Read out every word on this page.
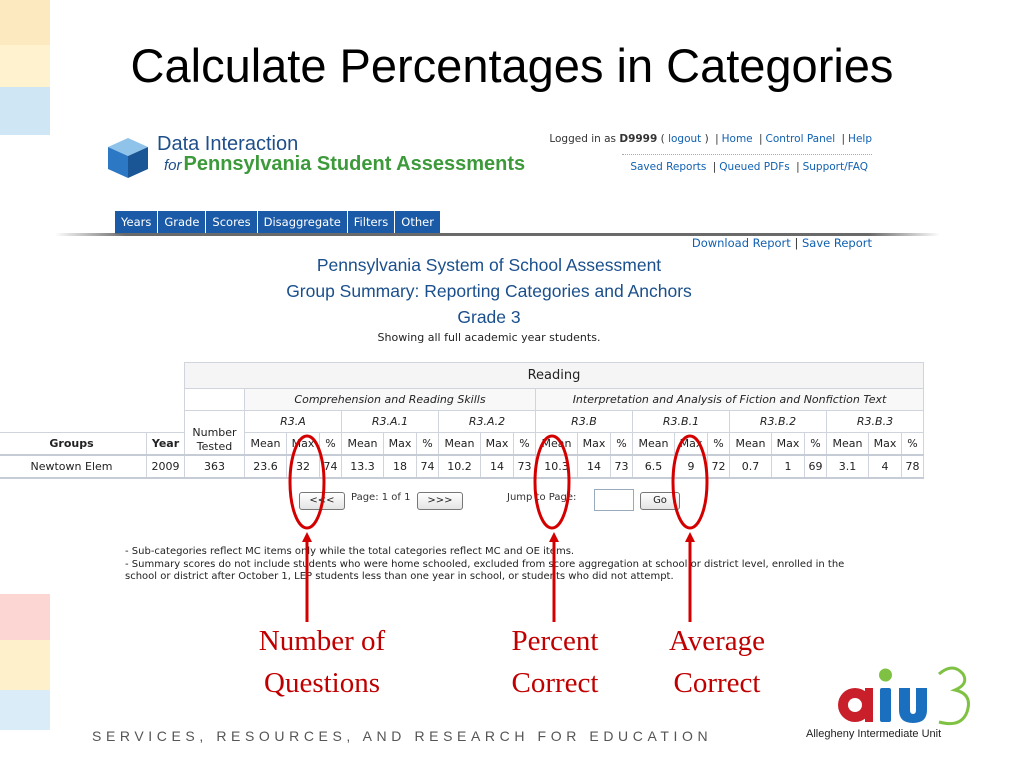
Calculate Percentages in Categories
Data Interaction
for Pennsylvania Student Assessments
Logged in as D9999 ( logout ) | Home | Control Panel | Help
Saved Reports | Queued PDFs | Support/FAQ
Years	Grade	Scores	Disaggregate	Filters	Other
Download Report | Save Report
Pennsylvania System of School Assessment
Group Summary: Reporting Categories and Anchors
Grade 3
Showing all full academic year students.
		Reading																					
			Comprehension and Reading Skills									Interpretation and Analysis of Fiction and Nonfiction Text											
		Number Tested	R3.A			R3.A.1			R3.A.2			R3.B			R3.B.1			R3.B.2			R3.B.3		
Groups	Year		Mean	Max	%	Mean	Max	%	Mean	Max	%	Mean	Max	%	Mean	Max	%	Mean	Max	%	Mean	Max	%
Newtown Elem	2009	363	23.6	32	74	13.3	18	74	10.2	14	73	10.3	14	73	6.5	9	72	0.7	1	69	3.1	4	78
<<<	Page: 1 of 1	>>>	Jump to Page:	Go
- Sub-categories reflect MC items only while the total categories reflect MC and OE items.
- Summary scores do not include students who were home schooled, excluded from score aggregation at school or district level, enrolled in the school or district after October 1, LEP students less than one year in school, or students who did not attempt.
Number of
Questions
Percent
Correct
Average
Correct
SERVICES, RESOURCES, AND RESEARCH FOR EDUCATION	Allegheny Intermediate Unit
